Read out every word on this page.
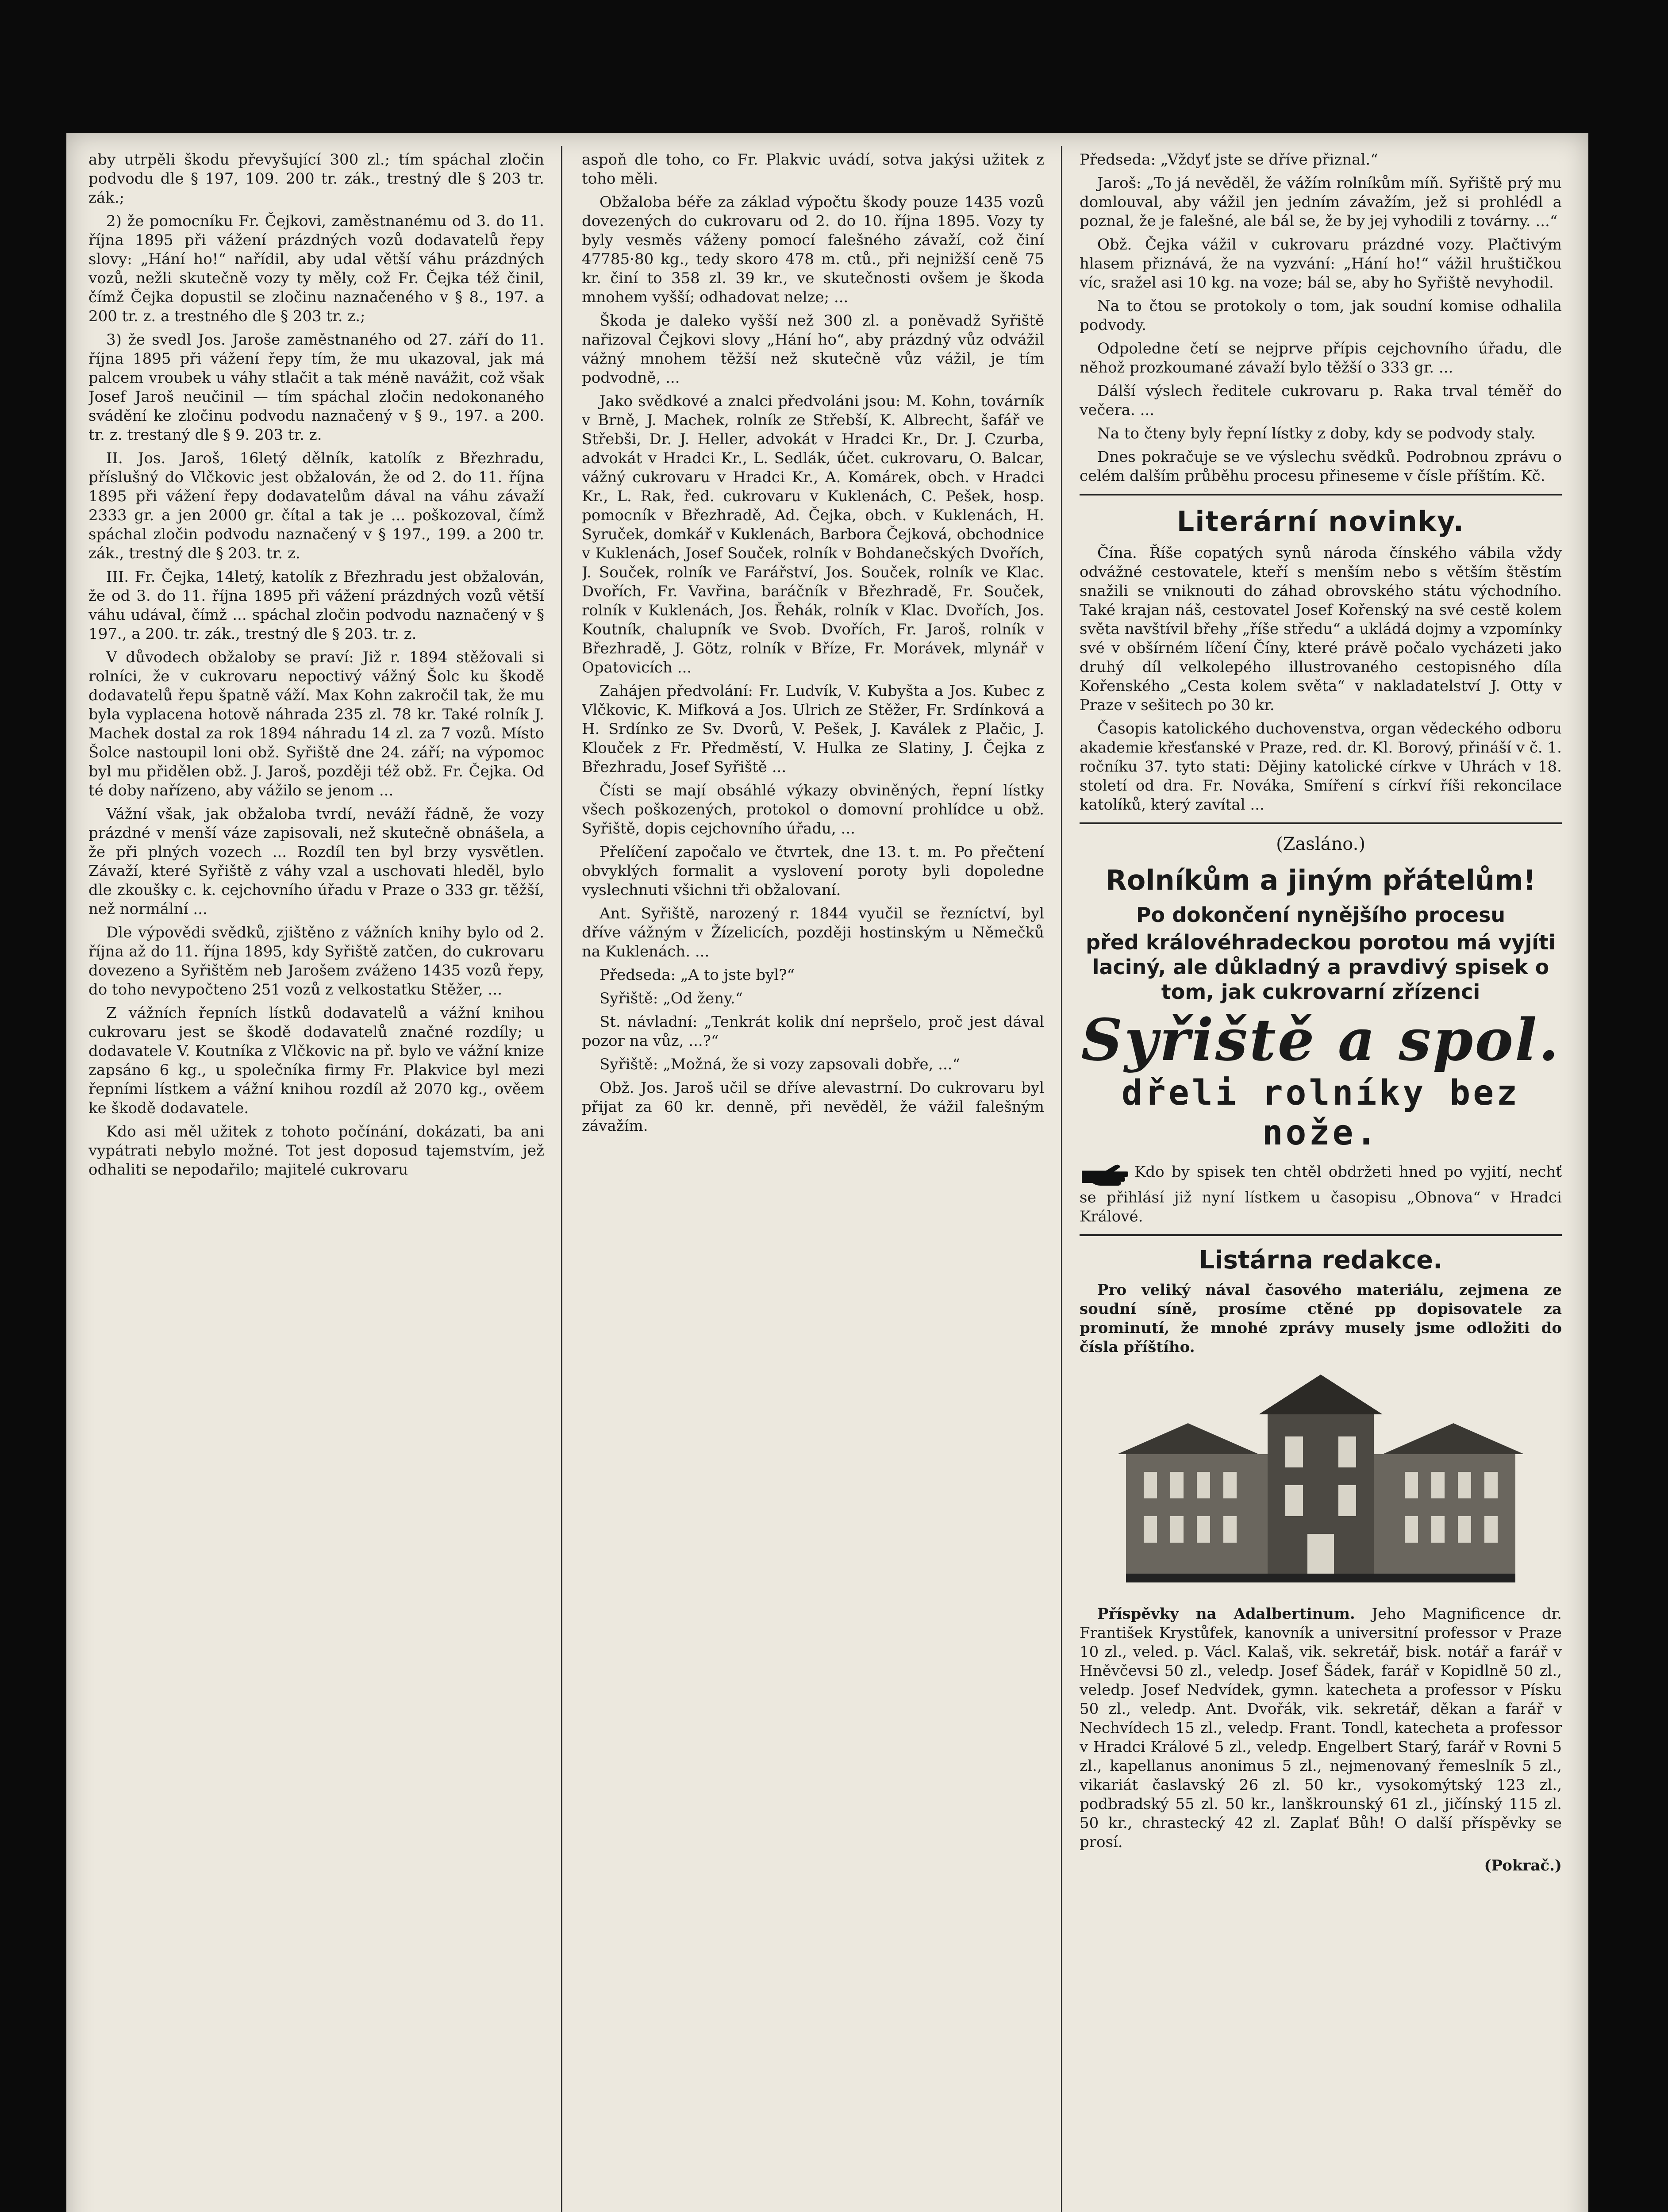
aby utrpěli škodu převyšující 300 zl.; tím spáchal zločin podvodu dle § 197, 109. 200 tr. zák., trestný dle § 203 tr. zák.;

2) že pomocníku Fr. Čejkovi, zaměstnanému od 3. do 11. října 1895 při vážení prázdných vozů dodavatelů řepy slovy: „Hání ho!“ nařídil, aby udal větší váhu prázdných vozů, nežli skutečně vozy ty měly, což Fr. Čejka též činil, čímž Čejka dopustil se zločinu naznačeného v § 8., 197. a 200 tr. z. a trestného dle § 203 tr. z.;

3) že svedl Jos. Jaroše zaměstnaného od 27. září do 11. října 1895 při vážení řepy tím, že mu ukazoval, jak má palcem vroubek u váhy stlačit a tak méně navážit, což však Josef Jaroš neučinil — tím spáchal zločin nedokonaného svádění ke zločinu podvodu naznačený v § 9., 197. a 200. tr. z. trestaný dle § 9. 203 tr. z.

II. Jos. Jaroš, 16letý dělník, katolík z Březhradu, příslušný do Vlčkovic jest obžalován, že od 2. do 11. října 1895 při vážení řepy dodavatelům dával na váhu závaží 2333 gr. a jen 2000 gr. čítal a tak je ... poškozoval, čímž spáchal zločin podvodu naznačený v § 197., 199. a 200 tr. zák., trestný dle § 203. tr. z.

III. Fr. Čejka, 14letý, katolík z Březhradu jest obžalován, že od 3. do 11. října 1895 při vážení prázdných vozů větší váhu udával, čímž ... spáchal zločin podvodu naznačený v § 197., a 200. tr. zák., trestný dle § 203. tr. z.

V důvodech obžaloby se praví: Již r. 1894 stěžovali si rolníci, že v cukrovaru nepoctivý vážný Šolc ku škodě dodavatelů řepu špatně váží. Max Kohn zakročil tak, že mu byla vyplacena hotově náhrada 235 zl. 78 kr. Také rolník J. Machek dostal za rok 1894 náhradu 14 zl. za 7 vozů. Místo Šolce nastoupil loni obž. Syřiště dne 24. září; na výpomoc byl mu přidělen obž. J. Jaroš, později též obž. Fr. Čejka. Od té doby nařízeno, aby vážilo se jenom ...

Vážní však, jak obžaloba tvrdí, neváží řádně, že vozy prázdné v menší váze zapisovali, než skutečně obnášela, a že při plných vozech ... Rozdíl ten byl brzy vysvětlen. Závaží, které Syřiště z váhy vzal a uschovati hleděl, bylo dle zkoušky c. k. cejchovního úřadu v Praze o 333 gr. těžší, než normální ...

Dle výpovědi svědků, zjištěno z vážních knihy bylo od 2. října až do 11. října 1895, kdy Syřiště zatčen, do cukrovaru dovezeno a Syřištěm neb Jarošem zváženo 1435 vozů řepy, do toho nevypočteno 251 vozů z velkostatku Stěžer, ...

Z vážních řepních lístků dodavatelů a vážní knihou cukrovaru jest se škodě dodavatelů značné rozdíly; u dodavatele V. Koutníka z Vlčkovic na př. bylo ve vážní knize zapsáno 6 kg., u společníka firmy Fr. Plakvice byl mezi řepními lístkem a vážní knihou rozdíl až 2070 kg., ověem ke škodě dodavatele.

Kdo asi měl užitek z tohoto počínání, dokázati, ba ani vypátrati nebylo možné. Tot jest doposud tajemstvím, jež odhaliti se nepodařilo; majitelé cukrovaru

aspoň dle toho, co Fr. Plakvic uvádí, sotva jakýsi užitek z toho měli.

Obžaloba béře za základ výpočtu škody pouze 1435 vozů dovezených do cukrovaru od 2. do 10. října 1895. Vozy ty byly vesměs váženy pomocí falešného závaží, což činí 47785·80 kg., tedy skoro 478 m. ctů., při nejnižší ceně 75 kr. činí to 358 zl. 39 kr., ve skutečnosti ovšem je škoda mnohem vyšší; odhadovat nelze; ...

Škoda je daleko vyšší než 300 zl. a poněvadž Syřiště nařizoval Čejkovi slovy „Hání ho“, aby prázdný vůz odvážil vážný mnohem těžší než skutečně vůz vážil, je tím podvodně, ...

Jako svědkové a znalci předvoláni jsou: M. Kohn, továrník v Brně, J. Machek, rolník ze Střebší, K. Albrecht, šafář ve Střebši, Dr. J. Heller, advokát v Hradci Kr., Dr. J. Czurba, advokát v Hradci Kr., L. Sedlák, účet. cukrovaru, O. Balcar, vážný cukrovaru v Hradci Kr., A. Komárek, obch. v Hradci Kr., L. Rak, řed. cukrovaru v Kuklenách, C. Pešek, hosp. pomocník v Březhradě, Ad. Čejka, obch. v Kuklenách, H. Syruček, domkář v Kuklenách, Barbora Čejková, obchodnice v Kuklenách, Josef Souček, rolník v Bohdanečských Dvořích, J. Souček, rolník ve Farářství, Jos. Souček, rolník ve Klac. Dvořích, Fr. Vavřina, baráčník v Březhradě, Fr. Souček, rolník v Kuklenách, Jos. Řehák, rolník v Klac. Dvořích, Jos. Koutník, chalupník ve Svob. Dvořích, Fr. Jaroš, rolník v Březhradě, J. Götz, rolník v Bříze, Fr. Morávek, mlynář v Opatovicích ...

Zahájen předvolání: Fr. Ludvík, V. Kubyšta a Jos. Kubec z Vlčkovic, K. Mifková a Jos. Ulrich ze Stěžer, Fr. Srdínková a H. Srdínko ze Sv. Dvorů, V. Pešek, J. Kaválek z Plačic, J. Klouček z Fr. Předměstí, V. Hulka ze Slatiny, J. Čejka z Březhradu, Josef Syřiště ...

Čísti se mají obsáhlé výkazy obviněných, řepní lístky všech poškozených, protokol o domovní prohlídce u obž. Syřiště, dopis cejchovního úřadu, ...

Přelíčení započalo ve čtvrtek, dne 13. t. m. Po přečtení obvyklých formalit a vyslovení poroty byli dopoledne vyslechnuti všichni tři obžalovaní.

Ant. Syřiště, narozený r. 1844 vyučil se řezníctví, byl dříve vážným v Žízelicích, později hostinským u Němečků na Kuklenách. ...

Předseda: „A to jste byl?“

Syřiště: „Od ženy.“

St. návladní: „Tenkrát kolik dní nepršelo, proč jest dával pozor na vůz, ...?“

Syřiště: „Možná, že si vozy zapsovali dobře, ...“

Obž. Jos. Jaroš učil se dříve alevastrní. Do cukrovaru byl přijat za 60 kr. denně, při nevěděl, že vážil falešným závažím.

Předseda: „Vždyť jste se dříve přiznal.“

Jaroš: „To já nevěděl, že vážím rolníkům míň. Syřiště prý mu domlouval, aby vážil jen jedním závažím, jež si prohlédl a poznal, že je falešné, ale bál se, že by jej vyhodili z továrny. ...“

Obž. Čejka vážil v cukrovaru prázdné vozy. Plačtivým hlasem přiznává, že na vyzvání: „Hání ho!“ vážil hruštičkou víc, sražel asi 10 kg. na voze; bál se, aby ho Syřiště nevyhodil.

Na to čtou se protokoly o tom, jak soudní komise odhalila podvody.

Odpoledne četí se nejprve přípis cejchovního úřadu, dle něhož prozkoumané závaží bylo těžší o 333 gr. ...

Dálší výslech ředitele cukrovaru p. Raka trval téměř do večera. ...

Na to čteny byly řepní lístky z doby, kdy se podvody staly.

Dnes pokračuje se ve výslechu svědků. Podrobnou zprávu o celém dalším průběhu procesu přineseme v čísle příštím. Kč.

Literární novinky.

Čína. Říše copatých synů národa čínského vábila vždy odvážné cestovatele, kteří s menším nebo s větším štěstím snažili se vniknouti do záhad obrovského státu východního. Také krajan náš, cestovatel Josef Kořenský na své cestě kolem světa navštívil břehy „říše středu“ a ukládá dojmy a vzpomínky své v obšírném líčení Číny, které právě počalo vycházeti jako druhý díl velkolepého illustrovaného cestopisného díla Kořenského „Cesta kolem světa“ v nakladatelství J. Otty v Praze v sešitech po 30 kr.

Časopis katolického duchovenstva, organ vědeckého odboru akademie křesťanské v Praze, red. dr. Kl. Borový, přináší v č. 1. ročníku 37. tyto stati: Dějiny katolické církve v Uhrách v 18. století od dra. Fr. Nováka, Smíření s církví říši rekoncilace katolíků, který zavítal ...

(Zasláno.)
Rolníkům a jiným přátelům!
Po dokončení nynějšího procesu
před královéhradeckou porotou má vyjíti laciný, ale důkladný a pravdivý spisek o tom, jak cukrovarní zřízenci
Syřiště a spol.
dřeli rolníky bez nože.

Kdo by spisek ten chtěl obdržeti hned po vyjití, nechť se přihlásí již nyní lístkem u časopisu „Obnova“ v Hradci Králové.

Listárna redakce.

Pro veliký nával časového materiálu, zejmena ze soudní síně, prosíme ctěné pp dopisovatele za prominutí, že mnohé zprávy musely jsme odložiti do čísla příštího.

Příspěvky na Adalbertinum. Jeho Magnificence dr. František Krystůfek, kanovník a universitní professor v Praze 10 zl., veled. p. Václ. Kalaš, vik. sekretář, bisk. notář a farář v Hněvčevsi 50 zl., veledp. Josef Šádek, farář v Kopidlně 50 zl., veledp. Josef Nedvídek, gymn. katecheta a professor v Písku 50 zl., veledp. Ant. Dvořák, vik. sekretář, děkan a farář v Nechvídech 15 zl., veledp. Frant. Tondl, katecheta a professor v Hradci Králové 5 zl., veledp. Engelbert Starý, farář v Rovni 5 zl., kapellanus anonimus 5 zl., nejmenovaný řemeslník 5 zl., vikariát časlavský 26 zl. 50 kr., vysokomýtský 123 zl., podbradský 55 zl. 50 kr., lanškrounský 61 zl., jičínský 115 zl. 50 kr., chrastecký 42 zl. Zaplať Bůh! O další příspěvky se prosí.

(Pokrač.)
